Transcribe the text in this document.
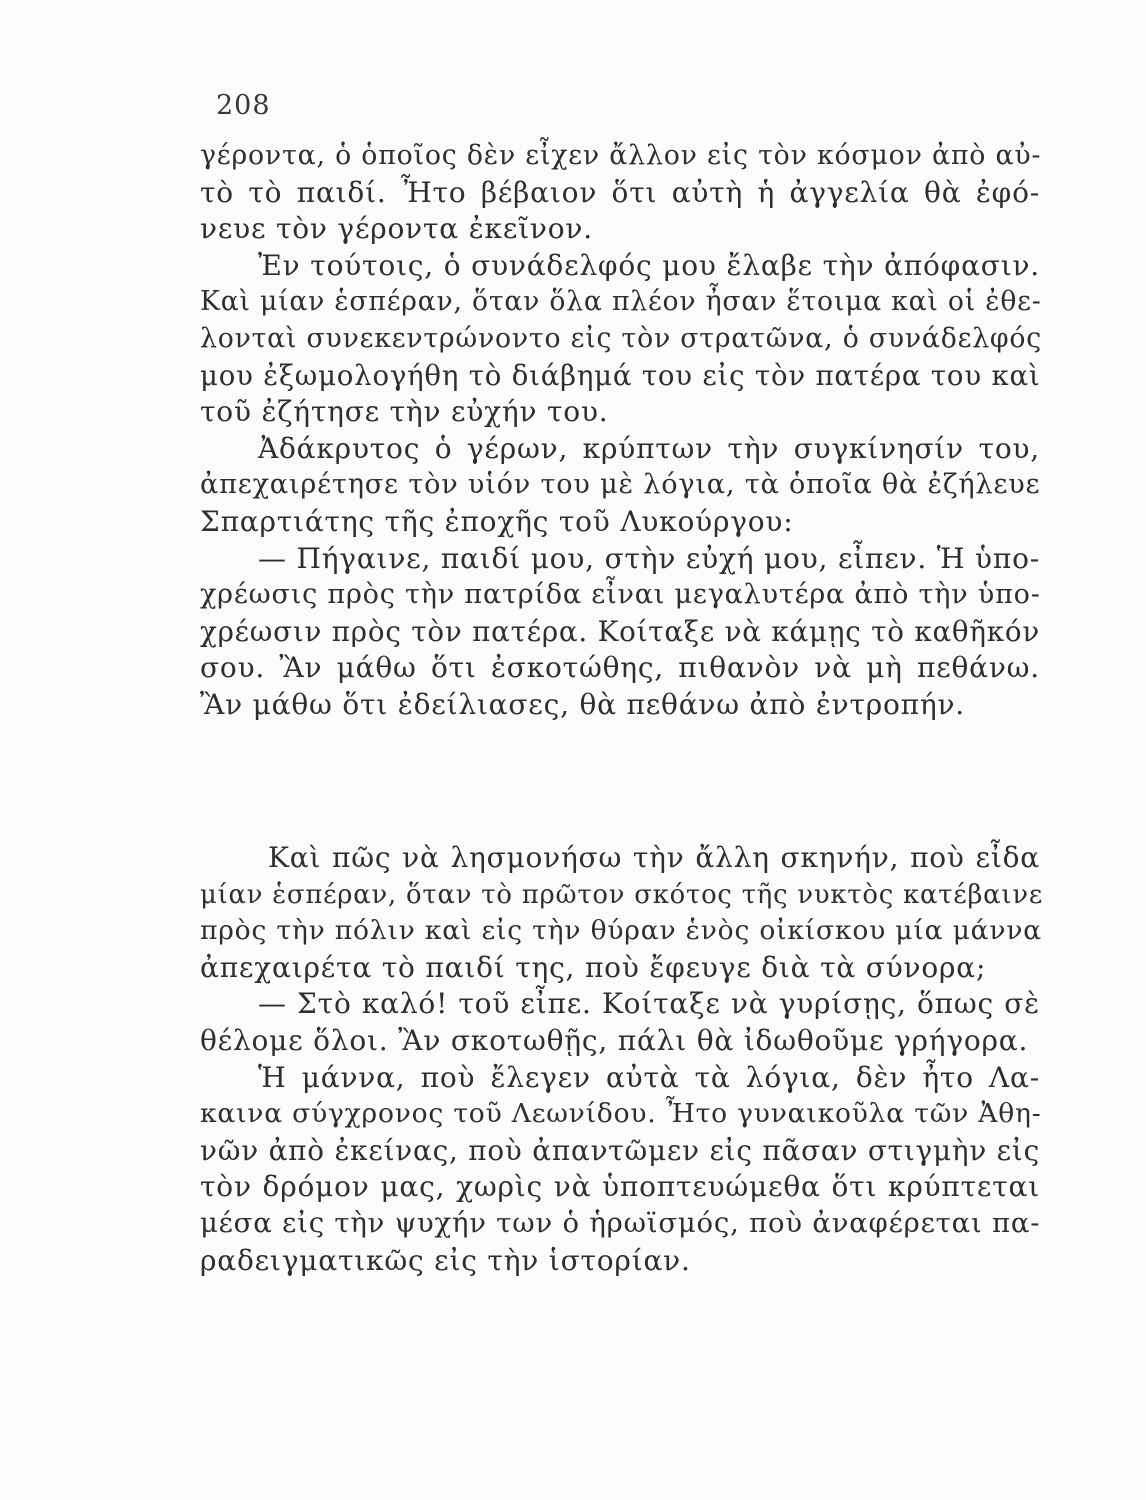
208
γέροντα, ὁ ὁποῖος δὲν εἶχεν ἄλλον εἰς τὸν κόσμον ἀπὸ αὐ-
τὸ τὸ παιδί. Ἦτο βέβαιον ὅτι αὐτὴ ἡ ἀγγελία θὰ ἐφό-
νευε τὸν γέροντα ἐκεῖνον.
Ἐν τούτοις, ὁ συνάδελφός μου ἔλαβε τὴν ἀπόφασιν.
Καὶ μίαν ἑσπέραν, ὅταν ὅλα πλέον ἦσαν ἕτοιμα καὶ οἱ ἐθε-
λονταὶ συνεκεντρώνοντο εἰς τὸν στρατῶνα, ὁ συνάδελφός
μου ἐξωμολογήθη τὸ διάβημά του εἰς τὸν πατέρα του καὶ
τοῦ ἐζήτησε τὴν εὐχήν του.
Ἀδάκρυτος ὁ γέρων, κρύπτων τὴν συγκίνησίν του,
ἀπεχαιρέτησε τὸν υἱόν του μὲ λόγια, τὰ ὁποῖα θὰ ἐζήλευε
Σπαρτιάτης τῆς ἐποχῆς τοῦ Λυκούργου:
— Πήγαινε, παιδί μου, στὴν εὐχή μου, εἶπεν. Ἡ ὑπο-
χρέωσις πρὸς τὴν πατρίδα εἶναι μεγαλυτέρα ἀπὸ τὴν ὑπο-
χρέωσιν πρὸς τὸν πατέρα. Κοίταξε νὰ κάμῃς τὸ καθῆκόν
σου. Ἂν μάθω ὅτι ἐσκοτώθης, πιθανὸν νὰ μὴ πεθάνω.
Ἂν μάθω ὅτι ἐδείλιασες, θὰ πεθάνω ἀπὸ ἐντροπήν.
Καὶ πῶς νὰ λησμονήσω τὴν ἄλλη σκηνήν, ποὺ εἶδα
μίαν ἑσπέραν, ὅταν τὸ πρῶτον σκότος τῆς νυκτὸς κατέβαινε
πρὸς τὴν πόλιν καὶ εἰς τὴν θύραν ἑνὸς οἰκίσκου μία μάννα
ἀπεχαιρέτα τὸ παιδί της, ποὺ ἔφευγε διὰ τὰ σύνορα;
— Στὸ καλό! τοῦ εἶπε. Κοίταξε νὰ γυρίσῃς, ὅπως σὲ
θέλομε ὅλοι. Ἂν σκοτωθῇς, πάλι θὰ ἰδωθοῦμε γρήγορα.
Ἡ μάννα, ποὺ ἔλεγεν αὐτὰ τὰ λόγια, δὲν ἦτο Λα-
καινα σύγχρονος τοῦ Λεωνίδου. Ἦτο γυναικοῦλα τῶν Ἀθη-
νῶν ἀπὸ ἐκείνας, ποὺ ἀπαντῶμεν εἰς πᾶσαν στιγμὴν εἰς
τὸν δρόμον μας, χωρὶς νὰ ὑποπτευώμεθα ὅτι κρύπτεται
μέσα εἰς τὴν ψυχήν των ὁ ἡρωϊσμός, ποὺ ἀναφέρεται πα-
ραδειγματικῶς εἰς τὴν ἱστορίαν.
